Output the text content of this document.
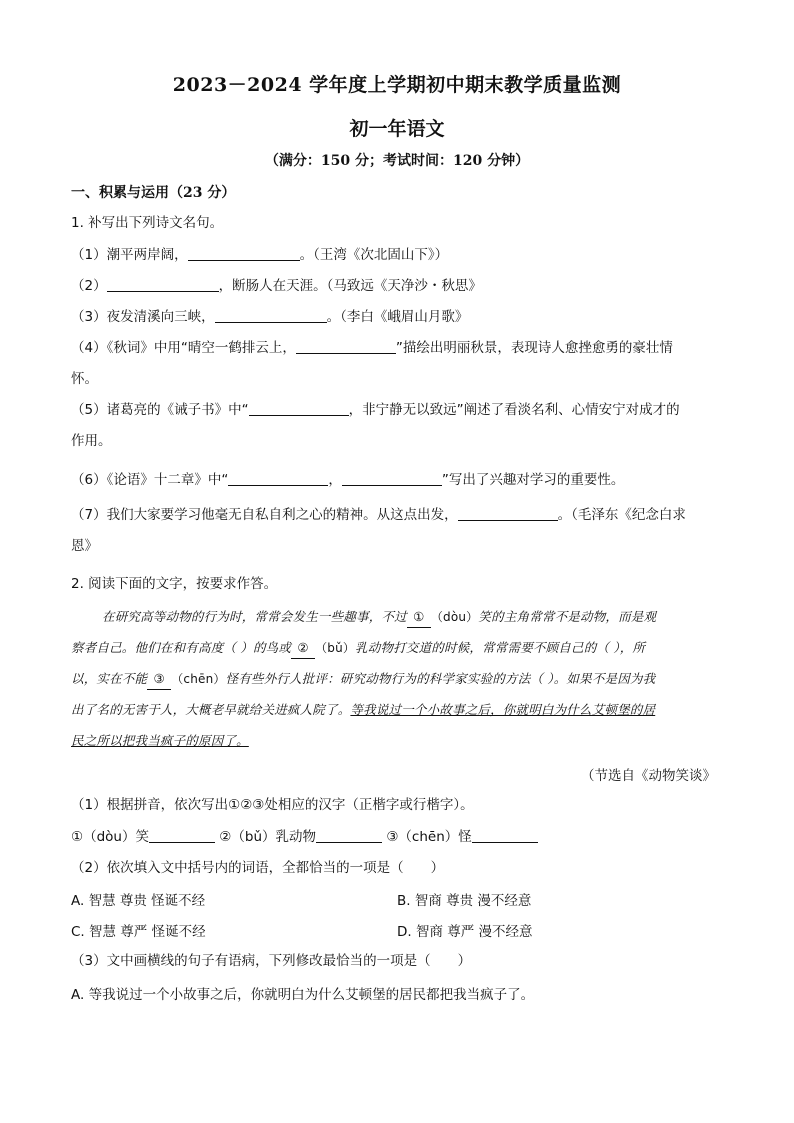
2023－2024 学年度上学期初中期末教学质量监测
初一年语文
（满分：150 分；考试时间：120 分钟）
一、积累与运用（23 分）
1. 补写出下列诗文名句。
（1）潮平两岸阔，	。（王湾《次北固山下》）
（2）	，断肠人在天涯。（马致远《天净沙・秋思》
（3）夜发清溪向三峡，	。（李白《峨眉山月歌》
（4）《秋词》中用“晴空一鹤排云上，	”描绘出明丽秋景，表现诗人愈挫愈勇的豪壮情
怀。
（5）诸葛亮的《诫子书》中“	，非宁静无以致远”阐述了看淡名利、心情安宁对成才的
作用。
（6）《论语》十二章》中“	，	”写出了兴趣对学习的重要性。
（7）我们大家要学习他毫无自私自利之心的精神。从这点出发，	。（毛泽东《纪念白求
恩》
2. 阅读下面的文字，按要求作答。
在研究高等动物的行为时，常常会发生一些趣事，不过 ① （dòu）笑的主角常常不是动物，而是观
察者自己。他们在和有高度（ ）的鸟或 ② （bǔ）乳动物打交道的时候，常常需要不顾自己的（ ），所
以，实在不能 ③ （chēn）怪有些外行人批评：研究动物行为的科学家实验的方法（ ）。如果不是因为我
出了名的无害于人，大概老早就给关进疯人院了。等我说过一个小故事之后，你就明白为什么艾顿堡的居
民之所以把我当疯子的原因了。
（节选自《动物笑谈》
（1）根据拼音，依次写出①②③处相应的汉字（正楷字或行楷字）。
①（dòu）笑	②（bǔ）乳动物	③（chēn）怪
（2）依次填入文中括号内的词语，全都恰当的一项是（　　）
A. 智慧 尊贵 怪诞不经	B. 智商 尊贵 漫不经意
C. 智慧 尊严 怪诞不经	D. 智商 尊严 漫不经意
（3）文中画横线的句子有语病，下列修改最恰当的一项是（　　）
A. 等我说过一个小故事之后，你就明白为什么艾顿堡的居民都把我当疯子了。
